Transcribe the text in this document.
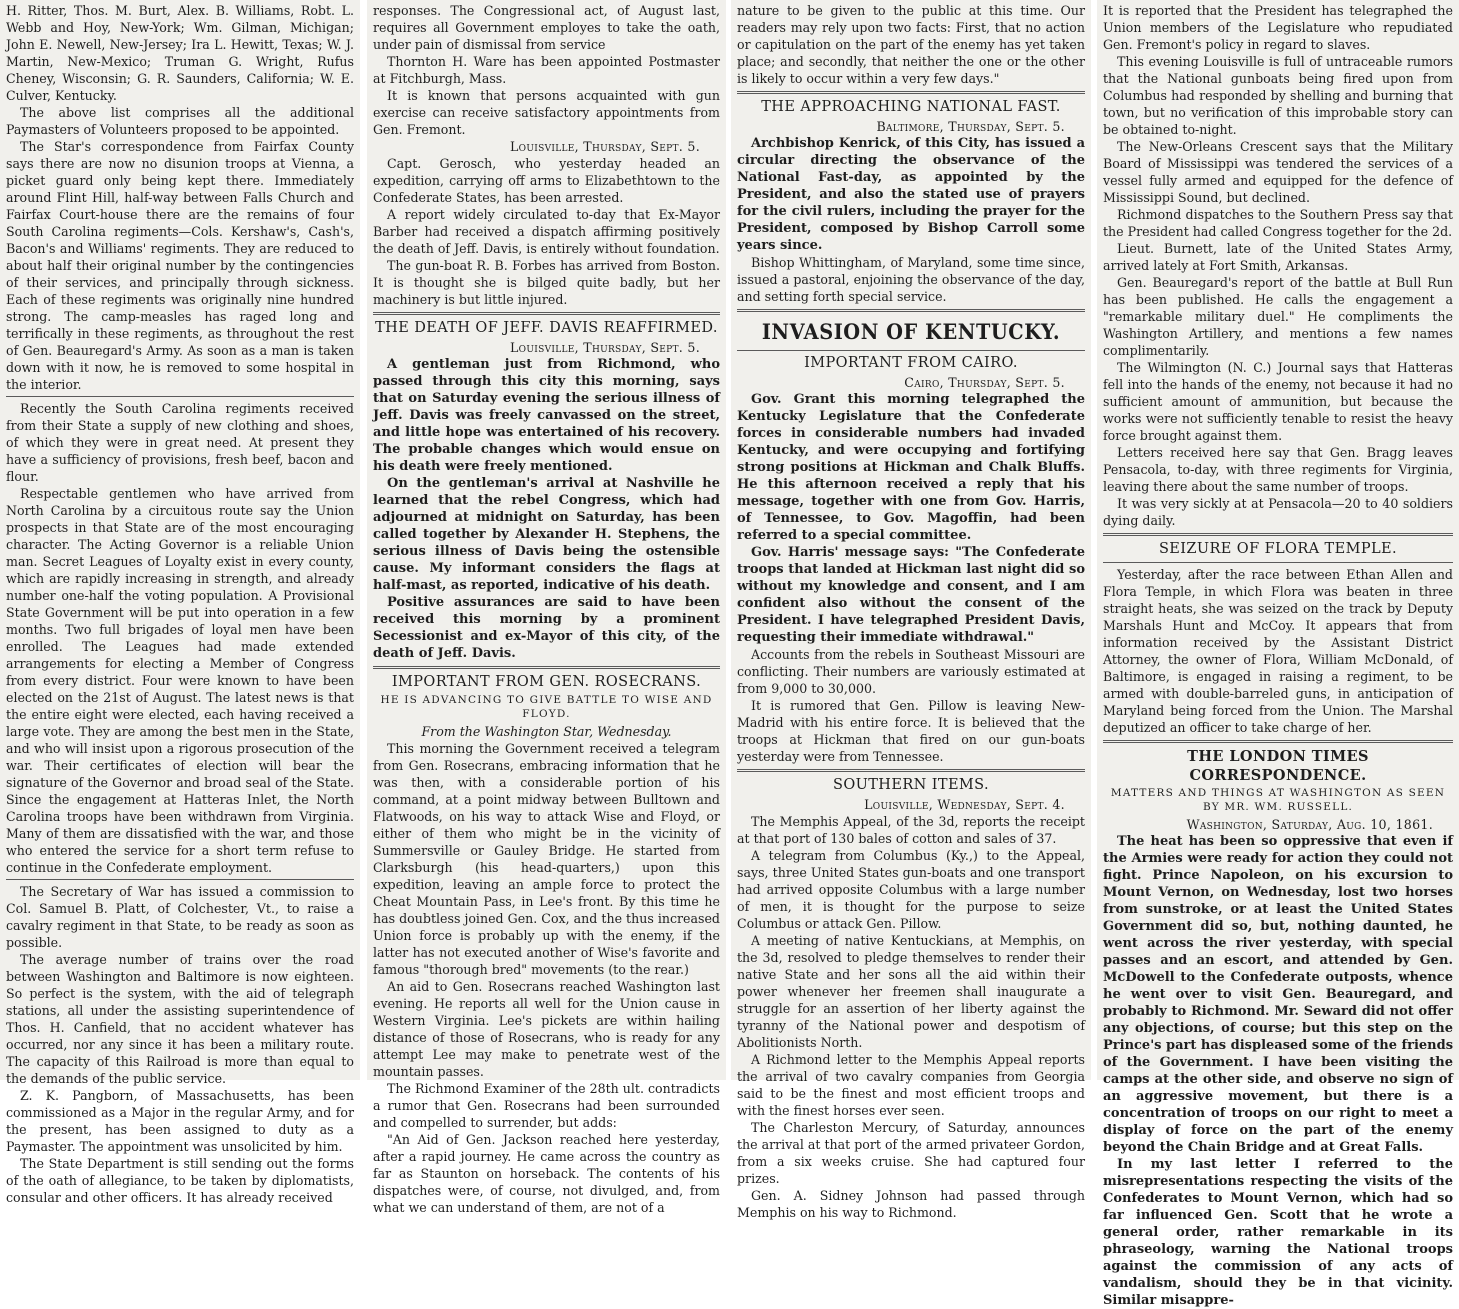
H. Ritter, Thos. M. Burt, Alex. B. Williams, Robt. L. Webb and Hoy, New-York; Wm. Gilman, Michigan; John E. Newell, New-Jersey; Ira L. Hewitt, Texas; W. J. Martin, New-Mexico; Truman G. Wright, Rufus Cheney, Wisconsin; G. R. Saunders, California; W. E. Culver, Kentucky.

The above list comprises all the additional Paymasters of Volunteers proposed to be appointed.

The Star's correspondence from Fairfax County says there are now no disunion troops at Vienna, a picket guard only being kept there. Immediately around Flint Hill, half-way between Falls Church and Fairfax Court-house there are the remains of four South Carolina regiments—Cols. Kershaw's, Cash's, Bacon's and Williams' regiments. They are reduced to about half their original number by the contingencies of their services, and principally through sickness. Each of these regiments was originally nine hundred strong. The camp-measles has raged long and terrifically in these regiments, as throughout the rest of Gen. Beauregard's Army. As soon as a man is taken down with it now, he is removed to some hospital in the interior.

Recently the South Carolina regiments received from their State a supply of new clothing and shoes, of which they were in great need. At present they have a sufficiency of provisions, fresh beef, bacon and flour.

Respectable gentlemen who have arrived from North Carolina by a circuitous route say the Union prospects in that State are of the most encouraging character. The Acting Governor is a reliable Union man. Secret Leagues of Loyalty exist in every county, which are rapidly increasing in strength, and already number one-half the voting population. A Provisional State Government will be put into operation in a few months. Two full brigades of loyal men have been enrolled. The Leagues had made extended arrangements for electing a Member of Congress from every district. Four were known to have been elected on the 21st of August. The latest news is that the entire eight were elected, each having received a large vote. They are among the best men in the State, and who will insist upon a rigorous prosecution of the war. Their certificates of election will bear the signature of the Governor and broad seal of the State. Since the engagement at Hatteras Inlet, the North Carolina troops have been withdrawn from Virginia. Many of them are dissatisfied with the war, and those who entered the service for a short term refuse to continue in the Confederate employment.

The Secretary of War has issued a commission to Col. Samuel B. Platt, of Colchester, Vt., to raise a cavalry regiment in that State, to be ready as soon as possible.

The average number of trains over the road between Washington and Baltimore is now eighteen. So perfect is the system, with the aid of telegraph stations, all under the assisting superintendence of Thos. H. Canfield, that no accident whatever has occurred, nor any since it has been a military route. The capacity of this Railroad is more than equal to the demands of the public service.

Z. K. Pangborn, of Massachusetts, has been commissioned as a Major in the regular Army, and for the present, has been assigned to duty as a Paymaster. The appointment was unsolicited by him.

The State Department is still sending out the forms of the oath of allegiance, to be taken by diplomatists, consular and other officers. It has already received

responses. The Congressional act, of August last, requires all Government employes to take the oath, under pain of dismissal from service

Thornton H. Ware has been appointed Postmaster at Fitchburgh, Mass.

It is known that persons acquainted with gun exercise can receive satisfactory appointments from Gen. Fremont.

Louisville, Thursday, Sept. 5.

Capt. Gerosch, who yesterday headed an expedition, carrying off arms to Elizabethtown to the Confederate States, has been arrested.

A report widely circulated to-day that Ex-Mayor Barber had received a dispatch affirming positively the death of Jeff. Davis, is entirely without foundation.

The gun-boat R. B. Forbes has arrived from Boston. It is thought she is bilged quite badly, but her machinery is but little injured.

THE DEATH OF JEFF. DAVIS REAFFIRMED.

Louisville, Thursday, Sept. 5.

A gentleman just from Richmond, who passed through this city this morning, says that on Saturday evening the serious illness of Jeff. Davis was freely canvassed on the street, and little hope was entertained of his recovery. The probable changes which would ensue on his death were freely mentioned.

On the gentleman's arrival at Nashville he learned that the rebel Congress, which had adjourned at midnight on Saturday, has been called together by Alexander H. Stephens, the serious illness of Davis being the ostensible cause. My informant considers the flags at half-mast, as reported, indicative of his death.

Positive assurances are said to have been received this morning by a prominent Secessionist and ex-Mayor of this city, of the death of Jeff. Davis.

IMPORTANT FROM GEN. ROSECRANS.
HE IS ADVANCING TO GIVE BATTLE TO WISE AND FLOYD.

From the Washington Star, Wednesday.

This morning the Government received a telegram from Gen. Rosecrans, embracing information that he was then, with a considerable portion of his command, at a point midway between Bulltown and Flatwoods, on his way to attack Wise and Floyd, or either of them who might be in the vicinity of Summersville or Gauley Bridge. He started from Clarksburgh (his head-quarters,) upon this expedition, leaving an ample force to protect the Cheat Mountain Pass, in Lee's front. By this time he has doubtless joined Gen. Cox, and the thus increased Union force is probably up with the enemy, if the latter has not executed another of Wise's favorite and famous "thorough bred" movements (to the rear.)

An aid to Gen. Rosecrans reached Washington last evening. He reports all well for the Union cause in Western Virginia. Lee's pickets are within hailing distance of those of Rosecrans, who is ready for any attempt Lee may make to penetrate west of the mountain passes.

The Richmond Examiner of the 28th ult. contradicts a rumor that Gen. Rosecrans had been surrounded and compelled to surrender, but adds:

"An Aid of Gen. Jackson reached here yesterday, after a rapid journey. He came across the country as far as Staunton on horseback. The contents of his dispatches were, of course, not divulged, and, from what we can understand of them, are not of a

nature to be given to the public at this time. Our readers may rely upon two facts: First, that no action or capitulation on the part of the enemy has yet taken place; and secondly, that neither the one or the other is likely to occur within a very few days."

THE APPROACHING NATIONAL FAST.

Baltimore, Thursday, Sept. 5.

Archbishop Kenrick, of this City, has issued a circular directing the observance of the National Fast-day, as appointed by the President, and also the stated use of prayers for the civil rulers, including the prayer for the President, composed by Bishop Carroll some years since.

Bishop Whittingham, of Maryland, some time since, issued a pastoral, enjoining the observance of the day, and setting forth special service.

INVASION OF KENTUCKY.
IMPORTANT FROM CAIRO.

Cairo, Thursday, Sept. 5.

Gov. Grant this morning telegraphed the Kentucky Legislature that the Confederate forces in considerable numbers had invaded Kentucky, and were occupying and fortifying strong positions at Hickman and Chalk Bluffs. He this afternoon received a reply that his message, together with one from Gov. Harris, of Tennessee, to Gov. Magoffin, had been referred to a special committee.

Gov. Harris' message says: "The Confederate troops that landed at Hickman last night did so without my knowledge and consent, and I am confident also without the consent of the President. I have telegraphed President Davis, requesting their immediate withdrawal."

Accounts from the rebels in Southeast Missouri are conflicting. Their numbers are variously estimated at from 9,000 to 30,000.

It is rumored that Gen. Pillow is leaving New-Madrid with his entire force. It is believed that the troops at Hickman that fired on our gun-boats yesterday were from Tennessee.

SOUTHERN ITEMS.

Louisville, Wednesday, Sept. 4.

The Memphis Appeal, of the 3d, reports the receipt at that port of 130 bales of cotton and sales of 37.

A telegram from Columbus (Ky.,) to the Appeal, says, three United States gun-boats and one transport had arrived opposite Columbus with a large number of men, it is thought for the purpose to seize Columbus or attack Gen. Pillow.

A meeting of native Kentuckians, at Memphis, on the 3d, resolved to pledge themselves to render their native State and her sons all the aid within their power whenever her freemen shall inaugurate a struggle for an assertion of her liberty against the tyranny of the National power and despotism of Abolitionists North.

A Richmond letter to the Memphis Appeal reports the arrival of two cavalry companies from Georgia said to be the finest and most efficient troops and with the finest horses ever seen.

The Charleston Mercury, of Saturday, announces the arrival at that port of the armed privateer Gordon, from a six weeks cruise. She had captured four prizes.

Gen. A. Sidney Johnson had passed through Memphis on his way to Richmond.

It is reported that the President has telegraphed the Union members of the Legislature who repudiated Gen. Fremont's policy in regard to slaves.

This evening Louisville is full of untraceable rumors that the National gunboats being fired upon from Columbus had responded by shelling and burning that town, but no verification of this improbable story can be obtained to-night.

The New-Orleans Crescent says that the Military Board of Mississippi was tendered the services of a vessel fully armed and equipped for the defence of Mississippi Sound, but declined.

Richmond dispatches to the Southern Press say that the President had called Congress together for the 2d.

Lieut. Burnett, late of the United States Army, arrived lately at Fort Smith, Arkansas.

Gen. Beauregard's report of the battle at Bull Run has been published. He calls the engagement a "remarkable military duel." He compliments the Washington Artillery, and mentions a few names complimentarily.

The Wilmington (N. C.) Journal says that Hatteras fell into the hands of the enemy, not because it had no sufficient amount of ammunition, but because the works were not sufficiently tenable to resist the heavy force brought against them.

Letters received here say that Gen. Bragg leaves Pensacola, to-day, with three regiments for Virginia, leaving there about the same number of troops.

It was very sickly at at Pensacola—20 to 40 soldiers dying daily.

SEIZURE OF FLORA TEMPLE.

Yesterday, after the race between Ethan Allen and Flora Temple, in which Flora was beaten in three straight heats, she was seized on the track by Deputy Marshals Hunt and McCoy. It appears that from information received by the Assistant District Attorney, the owner of Flora, William McDonald, of Baltimore, is engaged in raising a regiment, to be armed with double-barreled guns, in anticipation of Maryland being forced from the Union. The Marshal deputized an officer to take charge of her.

THE LONDON TIMES CORRESPONDENCE.
MATTERS AND THINGS AT WASHINGTON AS SEEN BY MR. WM. RUSSELL.

Washington, Saturday, Aug. 10, 1861.

The heat has been so oppressive that even if the Armies were ready for action they could not fight. Prince Napoleon, on his excursion to Mount Vernon, on Wednesday, lost two horses from sunstroke, or at least the United States Government did so, but, nothing daunted, he went across the river yesterday, with special passes and an escort, and attended by Gen. McDowell to the Confederate outposts, whence he went over to visit Gen. Beauregard, and probably to Richmond. Mr. Seward did not offer any objections, of course; but this step on the Prince's part has displeased some of the friends of the Government. I have been visiting the camps at the other side, and observe no sign of an aggressive movement, but there is a concentration of troops on our right to meet a display of force on the part of the enemy beyond the Chain Bridge and at Great Falls.

In my last letter I referred to the misrepresentations respecting the visits of the Confederates to Mount Vernon, which had so far influenced Gen. Scott that he wrote a general order, rather remarkable in its phraseology, warning the National troops against the commission of any acts of vandalism, should they be in that vicinity. Similar misappre-
